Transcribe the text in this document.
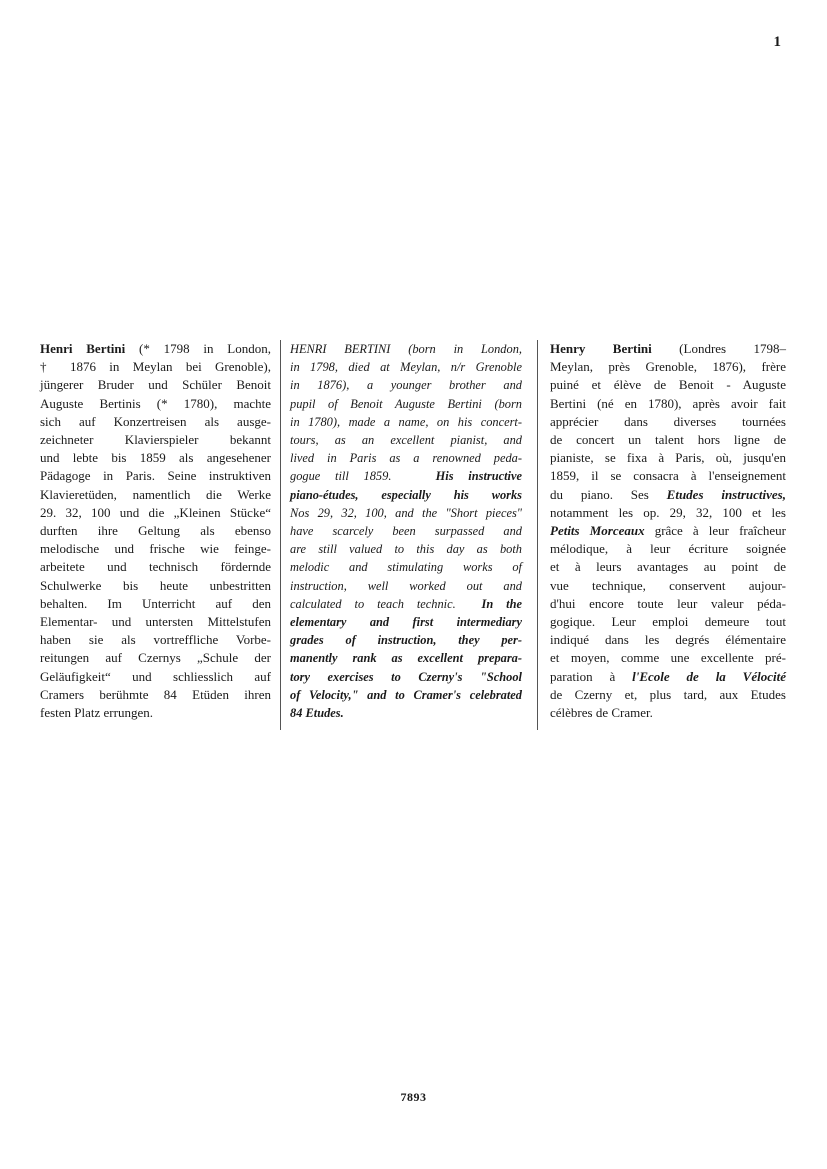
1
Henri Bertini (* 1798 in London,
† 1876 in Meylan bei Grenoble),
jüngerer Bruder und Schüler Benoit
Auguste Bertinis (* 1780), machte
sich auf Konzertreisen als ausge-
zeichneter Klavierspieler bekannt
und lebte bis 1859 als angesehener
Pädagoge in Paris. Seine instruktiven
Klavieretüden, namentlich die Werke
29. 32, 100 und die „Kleinen Stücke“
durften ihre Geltung als ebenso
melodische und frische wie feinge-
arbeitete und technisch fördernde
Schulwerke bis heute unbestritten
behalten. Im Unterricht auf den
Elementar- und untersten Mittelstufen
haben sie als vortreffliche Vorbe-
reitungen auf Czernys „Schule der
Geläufigkeit“ und schliesslich auf
Cramers berühmte 84 Etüden ihren
festen Platz errungen.
HENRI BERTINI (born in London,
in 1798, died at Meylan, n/r Grenoble
in 1876), a younger brother and
pupil of Benoit Auguste Bertini (born
in 1780), made a name, on his concert-
tours, as an excellent pianist, and
lived in Paris as a renowned peda-
gogue till 1859.	His instructive
piano-études, especially his works
Nos 29, 32, 100, and the "Short pieces"
have scarcely been surpassed and
are still valued to this day as both
melodic and stimulating works of
instruction, well worked out and
calculated to teach technic. In the
elementary and first intermediary
grades of instruction, they per-
manently rank as excellent prepara-
tory exercises to Czerny's "School
of Velocity," and to Cramer's celebrated
84 Etudes.
Henry Bertini (Londres 1798–
Meylan, près Grenoble, 1876), frère
puiné et élève de Benoit - Auguste
Bertini (né en 1780), après avoir fait
apprécier dans diverses tournées
de concert un talent hors ligne de
pianiste, se fixa à Paris, où, jusqu'en
1859, il se consacra à l'enseignement
du piano. Ses Etudes instructives,
notamment les op. 29, 32, 100 et les
Petits Morceaux grâce à leur fraîcheur
mélodique, à leur écriture soignée
et à leurs avantages au point de
vue technique, conservent aujour-
d'hui encore toute leur valeur péda-
gogique. Leur emploi demeure tout
indiqué dans les degrés élémentaire
et moyen, comme une excellente pré-
paration à l'Ecole de la Vélocité
de Czerny et, plus tard, aux Etudes
célèbres de Cramer.
7893
